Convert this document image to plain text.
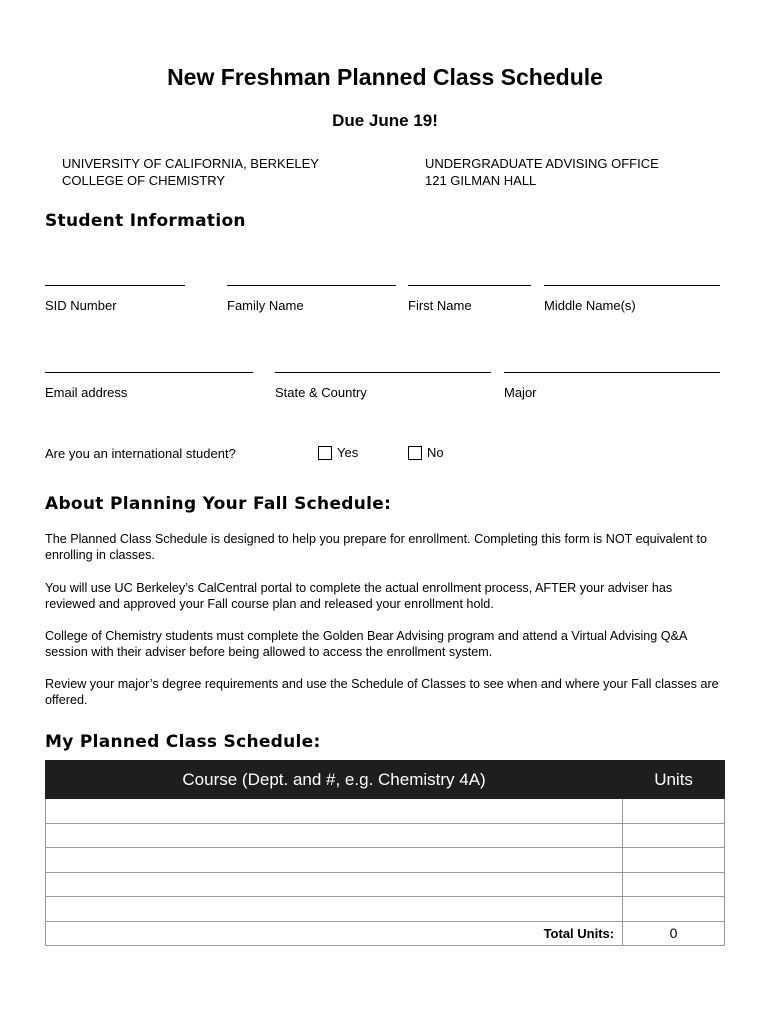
New Freshman Planned Class Schedule
Due June 19!
UNIVERSITY OF CALIFORNIA, BERKELEY
COLLEGE OF CHEMISTRY
UNDERGRADUATE ADVISING OFFICE
121 GILMAN HALL
Student Information
SID Number	Family Name	First Name	Middle Name(s)
Email address	State & Country	Major
Are you an international student?	Yes	No
About Planning Your Fall Schedule:
The Planned Class Schedule is designed to help you prepare for enrollment. Completing this form is NOT equivalent to enrolling in classes.
You will use UC Berkeley’s CalCentral portal to complete the actual enrollment process, AFTER your adviser has reviewed and approved your Fall course plan and released your enrollment hold.
College of Chemistry students must complete the Golden Bear Advising program and attend a Virtual Advising Q&A session with their adviser before being allowed to access the enrollment system.
Review your major’s degree requirements and use the Schedule of Classes to see when and where your Fall classes are offered.
My Planned Class Schedule:
Course (Dept. and #, e.g. Chemistry 4A)	Units

Total Units:	0
